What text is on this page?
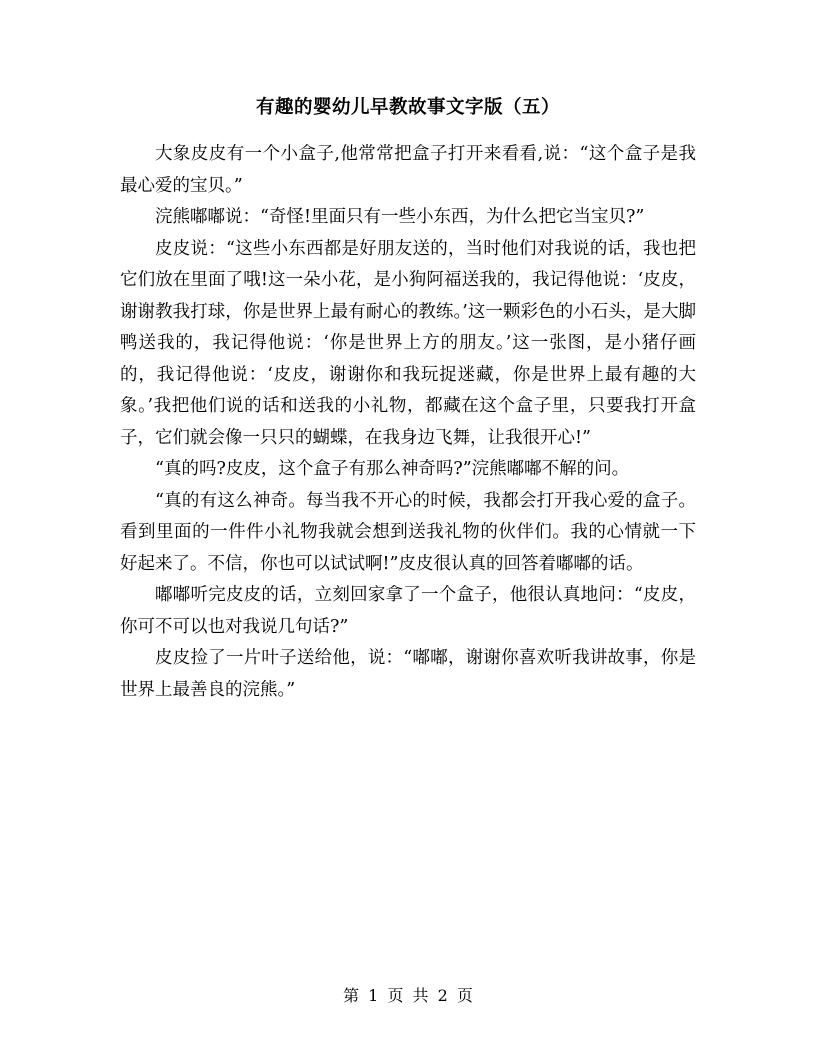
有趣的婴幼儿早教故事文字版（五）

大象皮皮有一个小盒子,他常常把盒子打开来看看,说：“这个盒子是我最心爱的宝贝。”

浣熊嘟嘟说：“奇怪!里面只有一些小东西，为什么把它当宝贝?”

皮皮说：“这些小东西都是好朋友送的，当时他们对我说的话，我也把它们放在里面了哦!这一朵小花，是小狗阿福送我的，我记得他说：‘皮皮，谢谢教我打球，你是世界上最有耐心的教练。’这一颗彩色的小石头，是大脚鸭送我的，我记得他说：‘你是世界上方的朋友。’这一张图，是小猪仔画的，我记得他说：‘皮皮，谢谢你和我玩捉迷藏，你是世界上最有趣的大象。’我把他们说的话和送我的小礼物，都藏在这个盒子里，只要我打开盒子，它们就会像一只只的蝴蝶，在我身边飞舞，让我很开心!”

“真的吗?皮皮，这个盒子有那么神奇吗?”浣熊嘟嘟不解的问。

“真的有这么神奇。每当我不开心的时候，我都会打开我心爱的盒子。看到里面的一件件小礼物我就会想到送我礼物的伙伴们。我的心情就一下好起来了。不信，你也可以试试啊!”皮皮很认真的回答着嘟嘟的话。

嘟嘟听完皮皮的话，立刻回家拿了一个盒子，他很认真地问：“皮皮，你可不可以也对我说几句话?”

皮皮捡了一片叶子送给他，说：“嘟嘟，谢谢你喜欢听我讲故事，你是世界上最善良的浣熊。”

第 1 页 共 2 页
